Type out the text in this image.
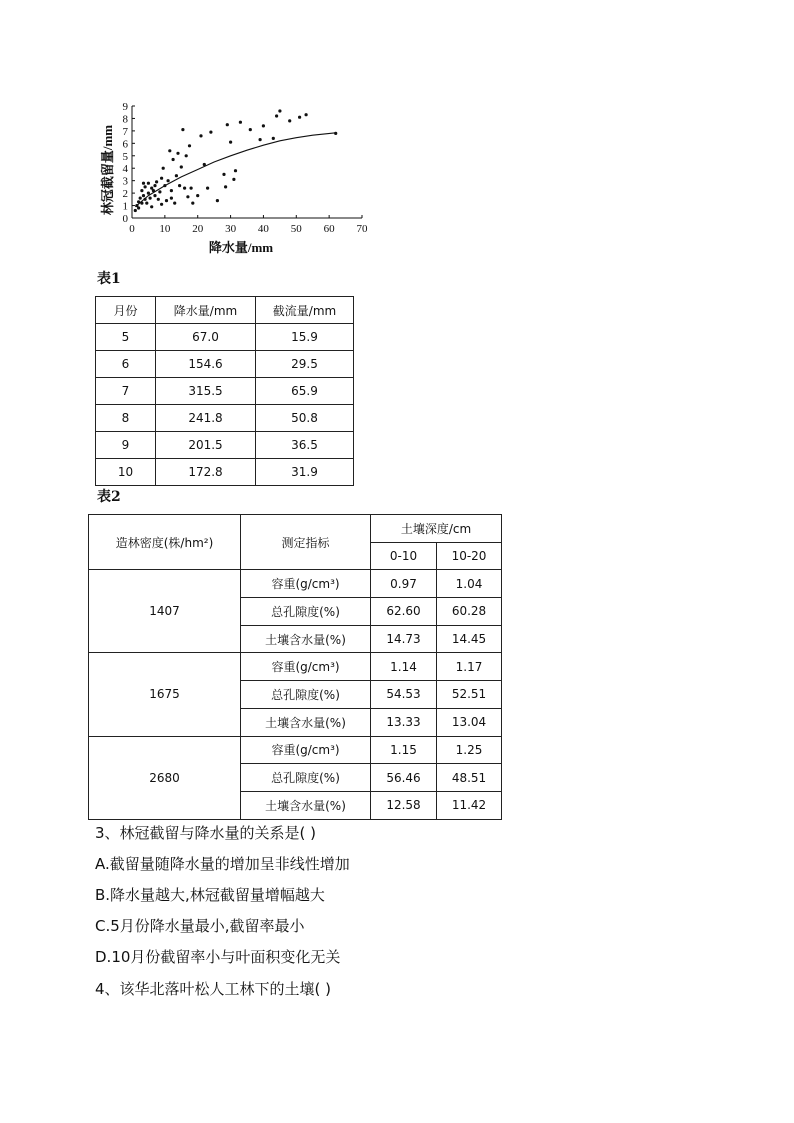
0 10 20 30 40 50 60 70
0
1
2
3
4
5
6
7
8
9
林冠截留量/mm
降水量/mm
表1
月份	降水量/mm	截流量/mm
5	67.0	15.9
6	154.6	29.5
7	315.5	65.9
8	241.8	50.8
9	201.5	36.5
10	172.8	31.9
表2
造林密度(株/hm²)	测定指标	土壤深度/cm	
		0-10	10-20
1407	容重(g/cm³)	0.97	1.04
	总孔隙度(%)	62.60	60.28
	土壤含水量(%)	14.73	14.45
1675	容重(g/cm³)	1.14	1.17
	总孔隙度(%)	54.53	52.51
	土壤含水量(%)	13.33	13.04
2680	容重(g/cm³)	1.15	1.25
	总孔隙度(%)	56.46	48.51
	土壤含水量(%)	12.58	11.42
3、林冠截留与降水量的关系是( )
A.截留量随降水量的增加呈非线性增加
B.降水量越大,林冠截留量增幅越大
C.5月份降水量最小,截留率最小
D.10月份截留率小与叶面积变化无关
4、该华北落叶松人工林下的土壤( )
